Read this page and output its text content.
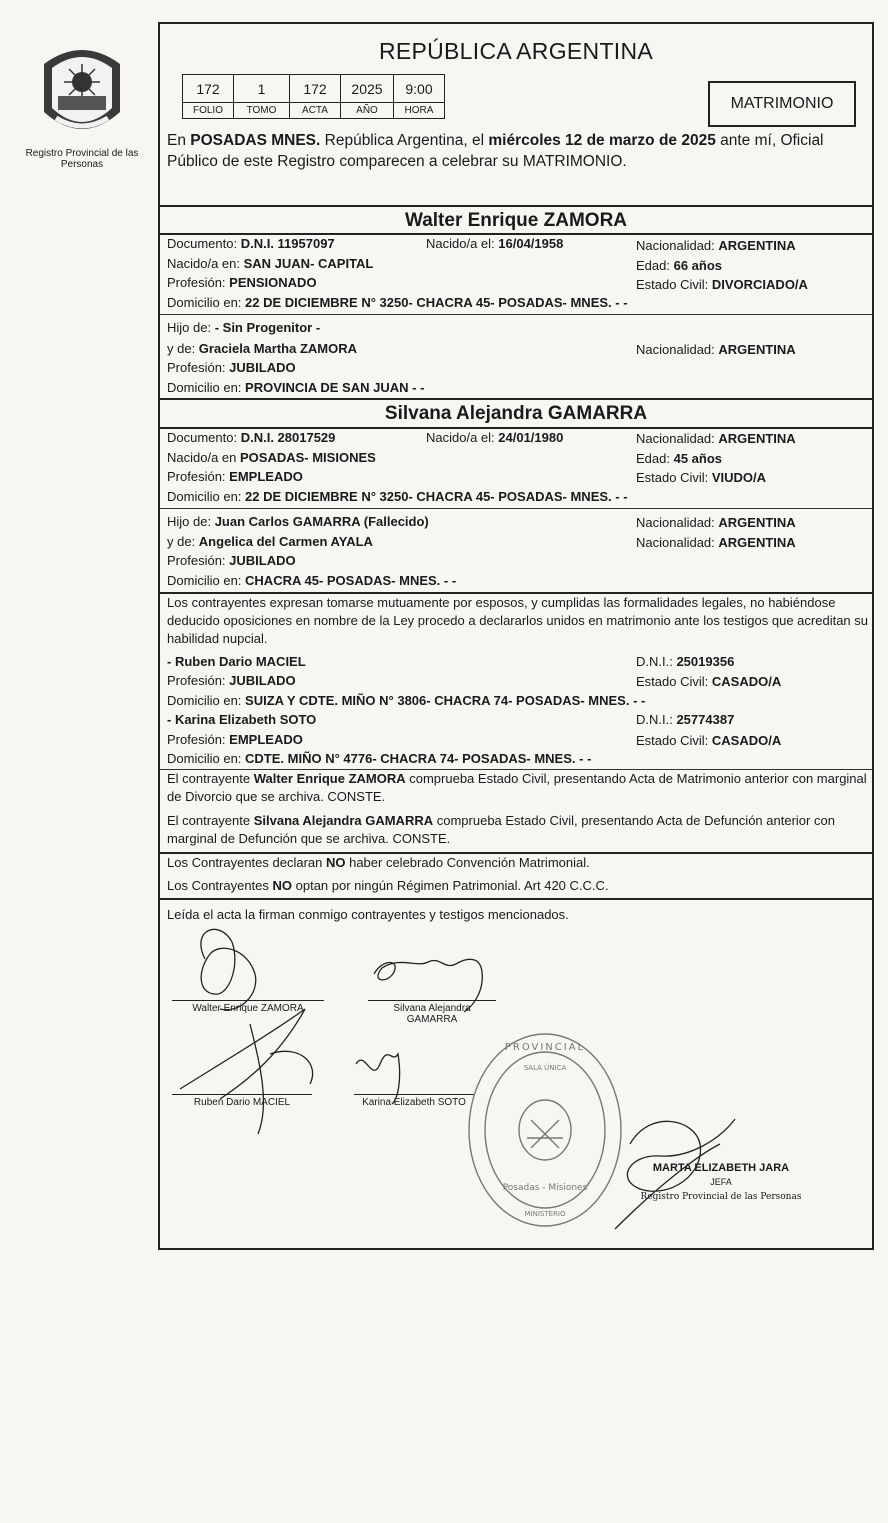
Registro Provincial de las Personas
REPÚBLICA ARGENTINA
172	1	172	2025	9:00
FOLIO	TOMO	ACTA	AÑO	HORA	MATRIMONIO
En POSADAS MNES. República Argentina, el miércoles 12 de marzo de 2025 ante mí, Oficial Público de este Registro comparecen a celebrar su MATRIMONIO.
Walter Enrique ZAMORA
Documento: D.N.I. 11957097	Nacido/a el: 16/04/1958	Nacionalidad: ARGENTINA
Nacido/a en: SAN JUAN- CAPITAL	Edad: 66 años
Profesión: PENSIONADO	Estado Civil: DIVORCIADO/A
Domicilio en: 22 DE DICIEMBRE N° 3250- CHACRA 45- POSADAS- MNES. - -
Hijo de: - Sin Progenitor -
y de: Graciela Martha ZAMORA	Nacionalidad: ARGENTINA
Profesión: JUBILADO
Domicilio en: PROVINCIA DE SAN JUAN - -
Silvana Alejandra GAMARRA
Documento: D.N.I. 28017529	Nacido/a el: 24/01/1980	Nacionalidad: ARGENTINA
Nacido/a en POSADAS- MISIONES	Edad: 45 años
Profesión: EMPLEADO	Estado Civil: VIUDO/A
Domicilio en: 22 DE DICIEMBRE N° 3250- CHACRA 45- POSADAS- MNES. - -
Hijo de: Juan Carlos GAMARRA (Fallecido)	Nacionalidad: ARGENTINA
y de: Angelica del Carmen AYALA	Nacionalidad: ARGENTINA
Profesión: JUBILADO
Domicilio en: CHACRA 45- POSADAS- MNES. - -
Los contrayentes expresan tomarse mutuamente por esposos, y cumplidas las formalidades legales, no habiéndose deducido oposiciones en nombre de la Ley procedo a declararlos unidos en matrimonio ante los testigos que acreditan su habilidad nupcial.
- Ruben Dario MACIEL	D.N.I.: 25019356
Profesión: JUBILADO	Estado Civil: CASADO/A
Domicilio en: SUIZA Y CDTE. MIÑO N° 3806- CHACRA 74- POSADAS- MNES. - -
- Karina Elizabeth SOTO	D.N.I.: 25774387
Profesión: EMPLEADO	Estado Civil: CASADO/A
Domicilio en: CDTE. MIÑO N° 4776- CHACRA 74- POSADAS- MNES. - -
El contrayente Walter Enrique ZAMORA comprueba Estado Civil, presentando Acta de Matrimonio anterior con marginal de Divorcio que se archiva. CONSTE.
El contrayente Silvana Alejandra GAMARRA comprueba Estado Civil, presentando Acta de Defunción anterior con marginal de Defunción que se archiva. CONSTE.
Los Contrayentes declaran NO haber celebrado Convención Matrimonial.
Los Contrayentes NO optan por ningún Régimen Patrimonial. Art 420 C.C.C.
Leída el acta la firman conmigo contrayentes y testigos mencionados.
Walter Enrique ZAMORA	Silvana Alejandra
GAMARRA
Ruben Dario MACIEL	Karina Elizabeth SOTO
MARTA ELIZABETH JARA
JEFA
Registro Provincial de las Personas
PROVINCIAL
SALA ÚNICA
Posadas - Misiones
MINISTERIO
